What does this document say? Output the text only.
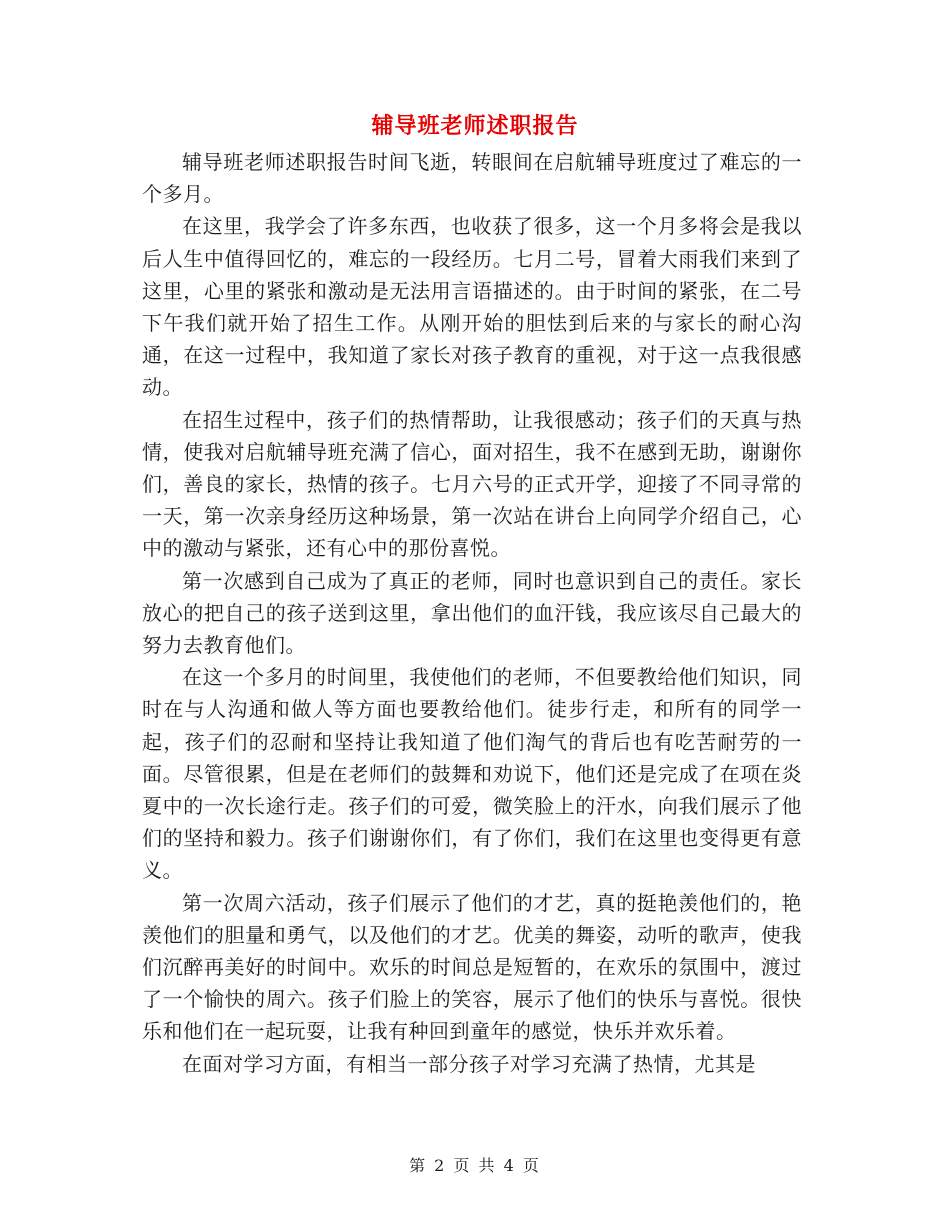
辅导班老师述职报告

辅导班老师述职报告时间飞逝，转眼间在启航辅导班度过了难忘的一个多月。

在这里，我学会了许多东西，也收获了很多，这一个月多将会是我以后人生中值得回忆的，难忘的一段经历。七月二号，冒着大雨我们来到了这里，心里的紧张和激动是无法用言语描述的。由于时间的紧张，在二号下午我们就开始了招生工作。从刚开始的胆怯到后来的与家长的耐心沟通，在这一过程中，我知道了家长对孩子教育的重视，对于这一点我很感动。

在招生过程中，孩子们的热情帮助，让我很感动；孩子们的天真与热情，使我对启航辅导班充满了信心，面对招生，我不在感到无助，谢谢你们，善良的家长，热情的孩子。七月六号的正式开学，迎接了不同寻常的一天，第一次亲身经历这种场景，第一次站在讲台上向同学介绍自己，心中的激动与紧张，还有心中的那份喜悦。

第一次感到自己成为了真正的老师，同时也意识到自己的责任。家长放心的把自己的孩子送到这里，拿出他们的血汗钱，我应该尽自己最大的努力去教育他们。

在这一个多月的时间里，我使他们的老师，不但要教给他们知识，同时在与人沟通和做人等方面也要教给他们。徒步行走，和所有的同学一起，孩子们的忍耐和坚持让我知道了他们淘气的背后也有吃苦耐劳的一面。尽管很累，但是在老师们的鼓舞和劝说下，他们还是完成了在项在炎夏中的一次长途行走。孩子们的可爱，微笑脸上的汗水，向我们展示了他们的坚持和毅力。孩子们谢谢你们，有了你们，我们在这里也变得更有意义。

第一次周六活动，孩子们展示了他们的才艺，真的挺艳羡他们的，艳羡他们的胆量和勇气，以及他们的才艺。优美的舞姿，动听的歌声，使我们沉醉再美好的时间中。欢乐的时间总是短暂的，在欢乐的氛围中，渡过了一个愉快的周六。孩子们脸上的笑容，展示了他们的快乐与喜悦。很快乐和他们在一起玩耍，让我有种回到童年的感觉，快乐并欢乐着。

在面对学习方面，有相当一部分孩子对学习充满了热情，尤其是

第 2 页 共 4 页
